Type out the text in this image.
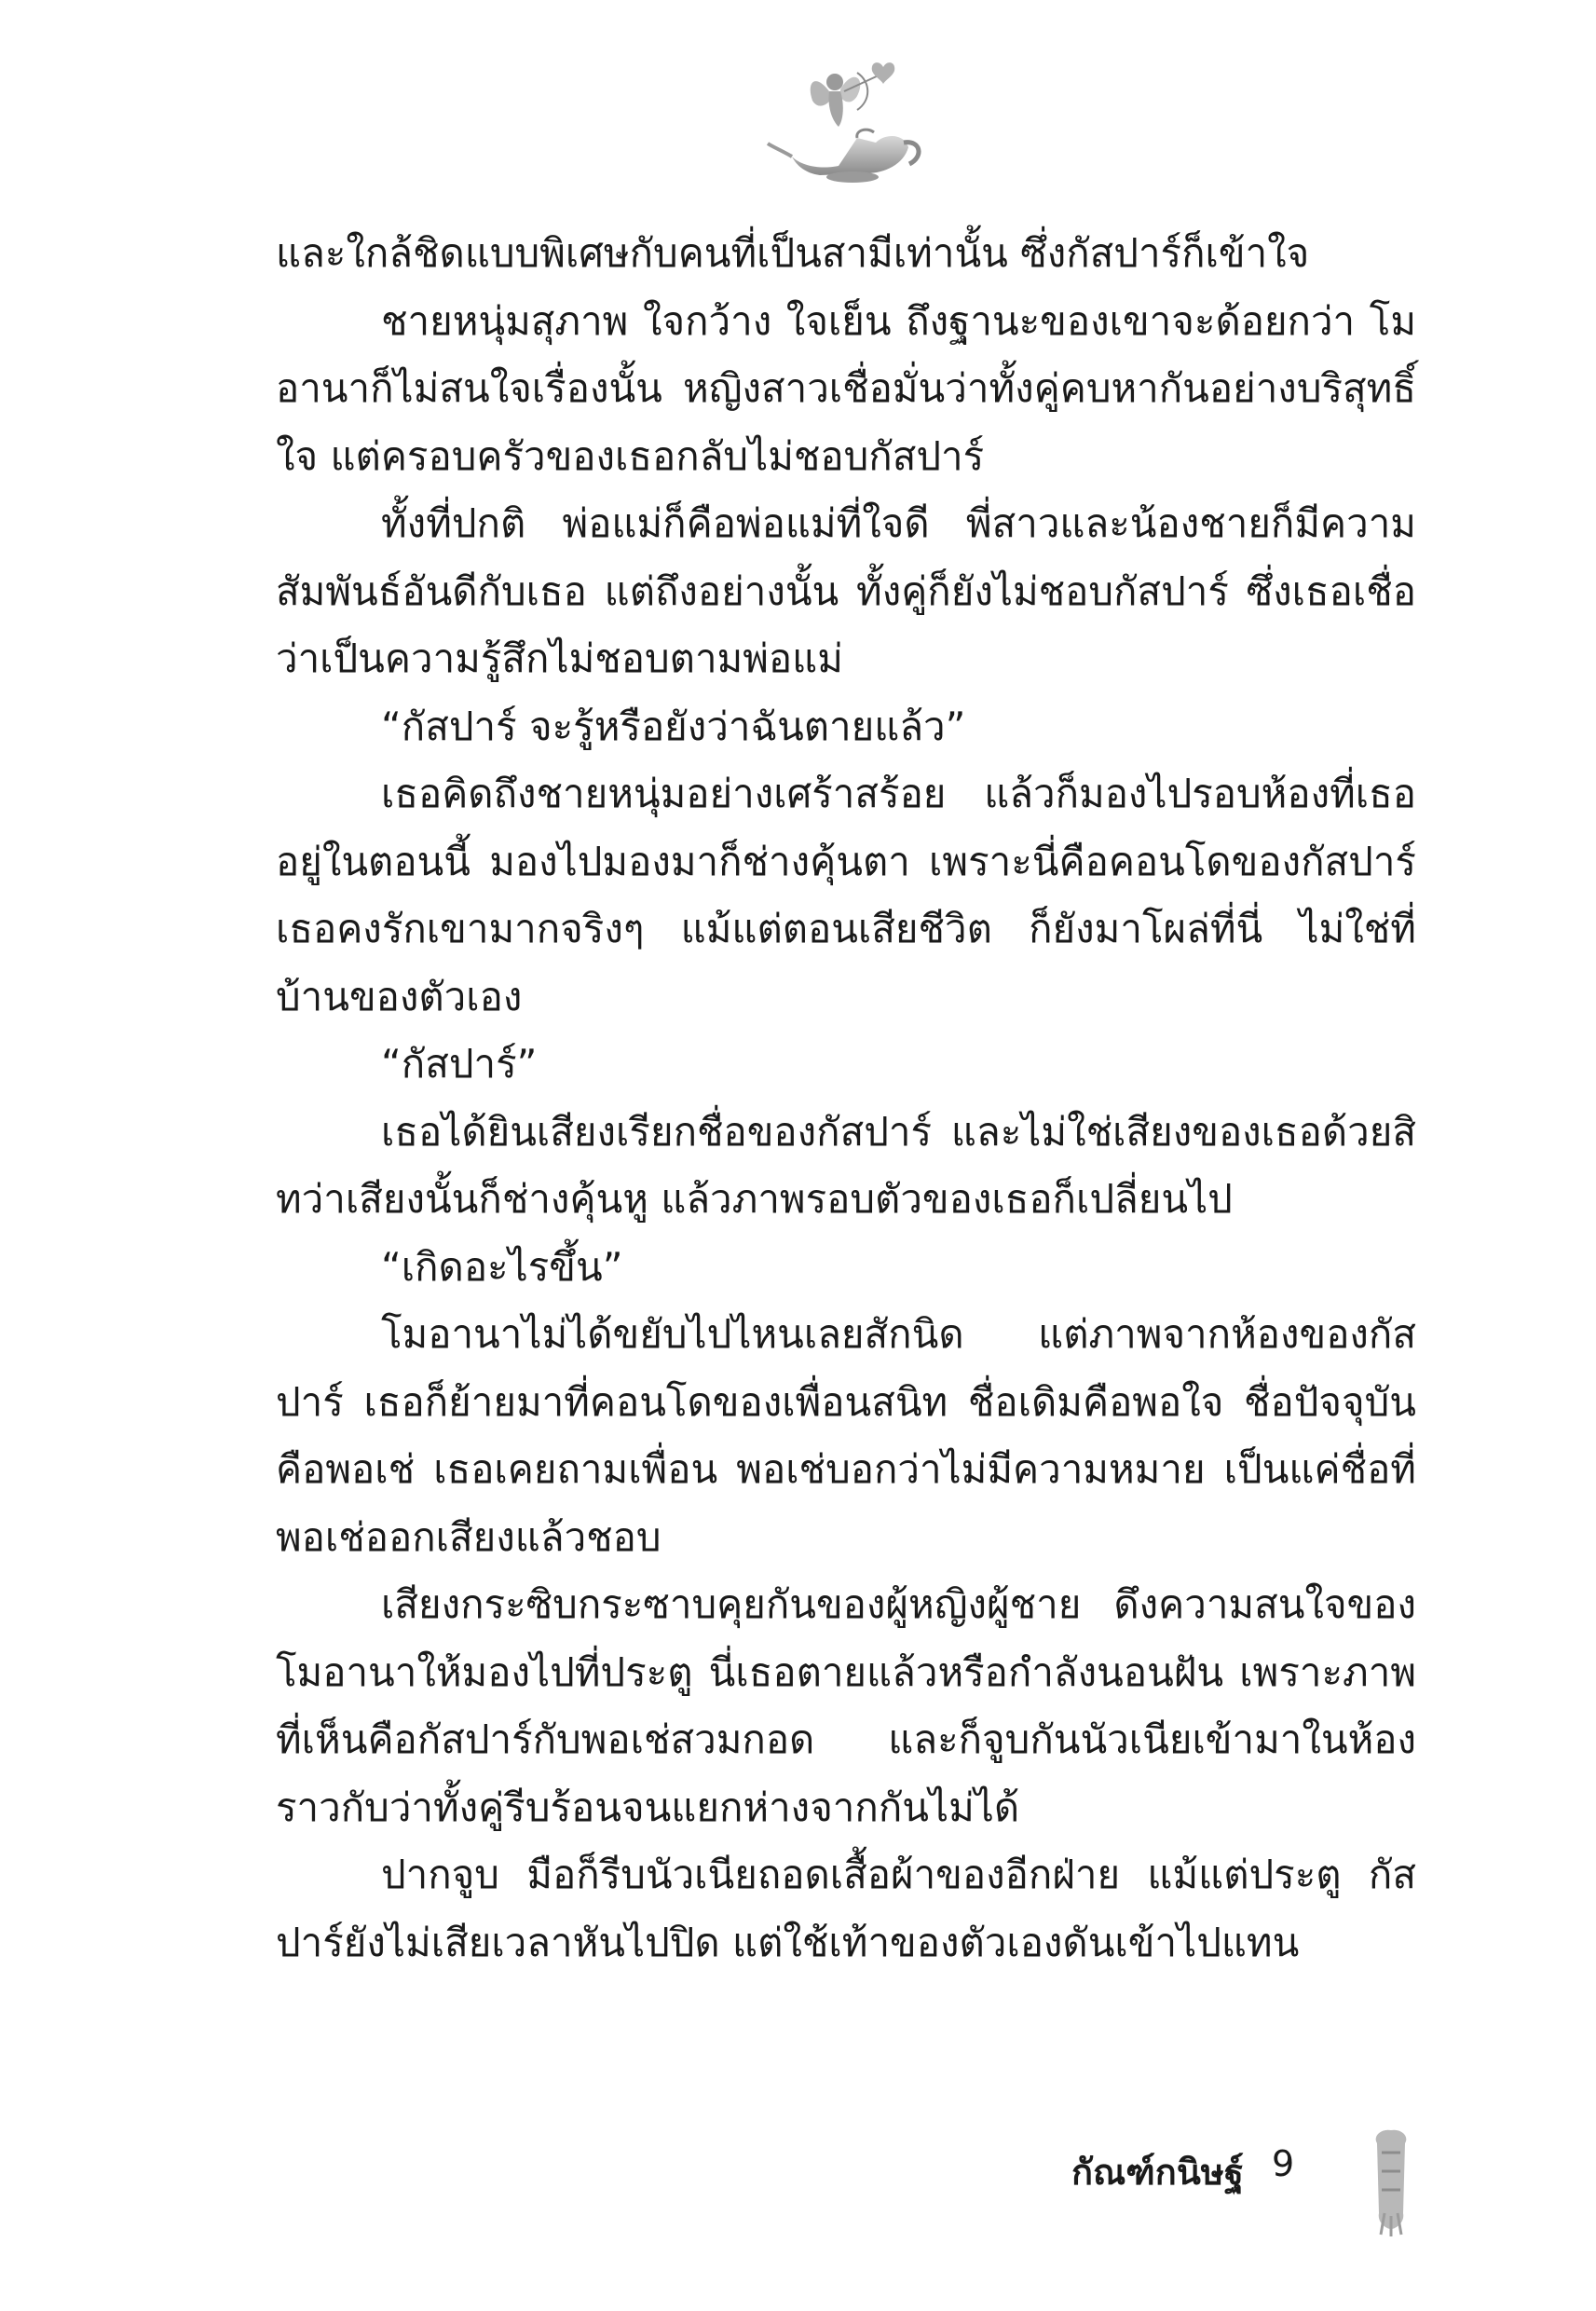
และใกล้ชิดแบบพิเศษกับคนที่เป็นสามีเท่านั้น ซึ่งกัสปาร์ก็เข้าใจ

ชายหนุ่มสุภาพ ใจกว้าง ใจเย็น ถึงฐานะของเขาจะด้อยกว่า โมอานาก็ไม่สนใจเรื่องนั้น หญิงสาวเชื่อมั่นว่าทั้งคู่คบหากันอย่างบริสุทธิ์ใจ แต่ครอบครัวของเธอกลับไม่ชอบกัสปาร์

ทั้งที่ปกติ พ่อแม่ก็คือพ่อแม่ที่ใจดี พี่สาวและน้องชายก็มีความสัมพันธ์อันดีกับเธอ แต่ถึงอย่างนั้น ทั้งคู่ก็ยังไม่ชอบกัสปาร์ ซึ่งเธอเชื่อว่าเป็นความรู้สึกไม่ชอบตามพ่อแม่

“กัสปาร์ จะรู้หรือยังว่าฉันตายแล้ว”

เธอคิดถึงชายหนุ่มอย่างเศร้าสร้อย แล้วก็มองไปรอบห้องที่เธออยู่ในตอนนี้ มองไปมองมาก็ช่างคุ้นตา เพราะนี่คือคอนโดของกัสปาร์ เธอคงรักเขามากจริงๆ แม้แต่ตอนเสียชีวิต ก็ยังมาโผล่ที่นี่ ไม่ใช่ที่บ้านของตัวเอง

“กัสปาร์”

เธอได้ยินเสียงเรียกชื่อของกัสปาร์ และไม่ใช่เสียงของเธอด้วยสิ ทว่าเสียงนั้นก็ช่างคุ้นหู แล้วภาพรอบตัวของเธอก็เปลี่ยนไป

“เกิดอะไรขึ้น”

โมอานาไม่ได้ขยับไปไหนเลยสักนิด แต่ภาพจากห้องของกัสปาร์ เธอก็ย้ายมาที่คอนโดของเพื่อนสนิท ชื่อเดิมคือพอใจ ชื่อปัจจุบันคือพอเช่ เธอเคยถามเพื่อน พอเช่บอกว่าไม่มีความหมาย เป็นแค่ชื่อที่พอเช่ออกเสียงแล้วชอบ

เสียงกระซิบกระซาบคุยกันของผู้หญิงผู้ชาย ดึงความสนใจของโมอานาให้มองไปที่ประตู นี่เธอตายแล้วหรือกำลังนอนฝัน เพราะภาพที่เห็นคือกัสปาร์กับพอเช่สวมกอด และก็จูบกันนัวเนียเข้ามาในห้อง ราวกับว่าทั้งคู่รีบร้อนจนแยกห่างจากกันไม่ได้

ปากจูบ มือก็รีบนัวเนียถอดเสื้อผ้าของอีกฝ่าย แม้แต่ประตู กัสปาร์ยังไม่เสียเวลาหันไปปิด แต่ใช้เท้าของตัวเองดันเข้าไปแทน

กัณฑ์กนิษฐ์ 9
